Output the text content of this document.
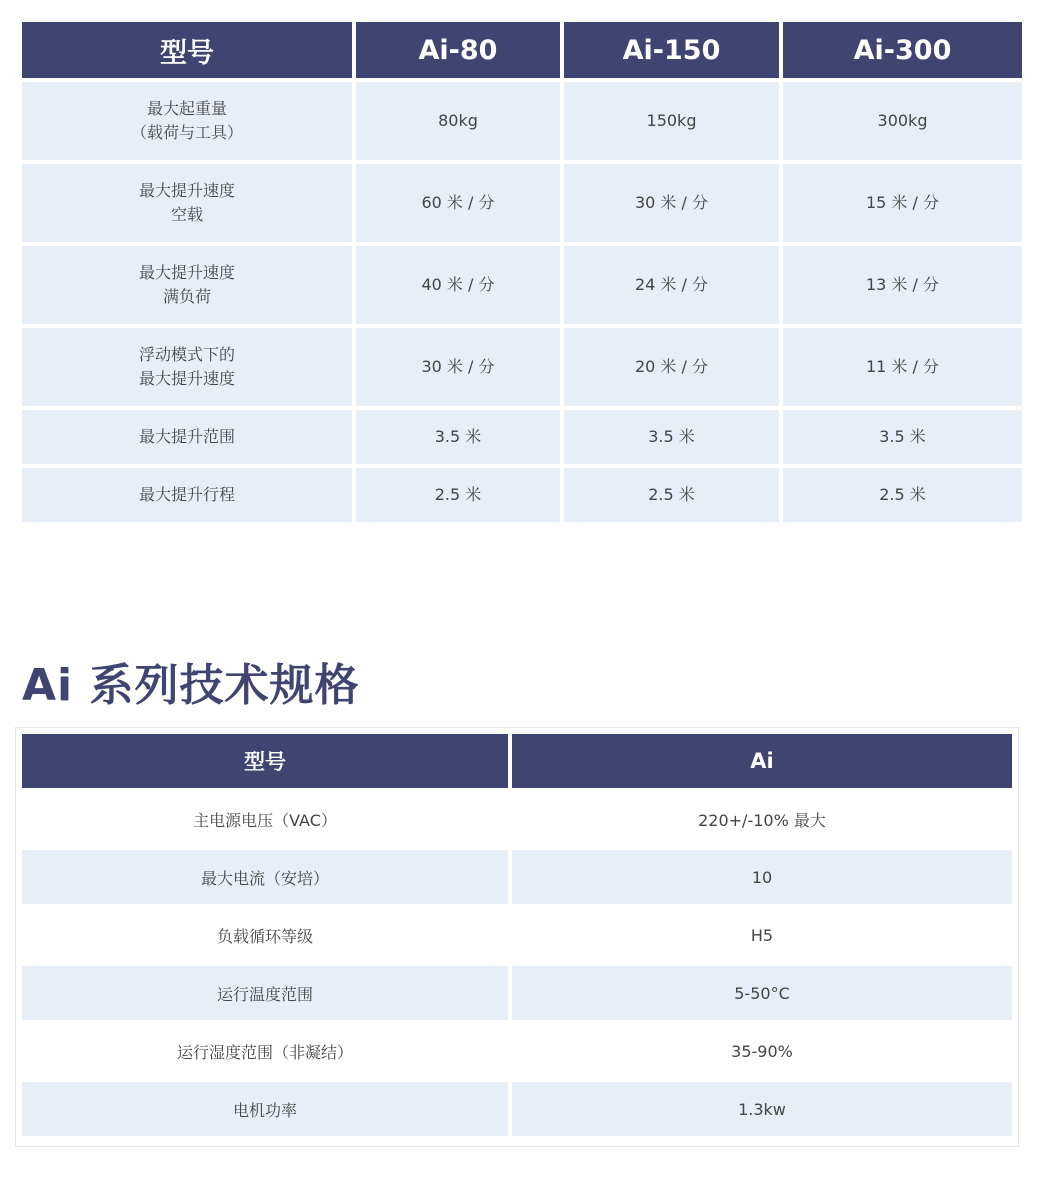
型号	Ai-80	Ai-150	Ai-300
最大起重量
（载荷与工具）	80kg	150kg	300kg
最大提升速度
空载	60 米 / 分	30 米 / 分	15 米 / 分
最大提升速度
满负荷	40 米 / 分	24 米 / 分	13 米 / 分
浮动模式下的
最大提升速度	30 米 / 分	20 米 / 分	11 米 / 分
最大提升范围	3.5 米	3.5 米	3.5 米
最大提升行程	2.5 米	2.5 米	2.5 米
Ai 系列技术规格
型号	Ai
主电源电压（VAC）	220+/-10% 最大
最大电流（安培）	10
负载循环等级	H5
运行温度范围	5-50°C
运行湿度范围（非凝结）	35-90%
电机功率	1.3kw
